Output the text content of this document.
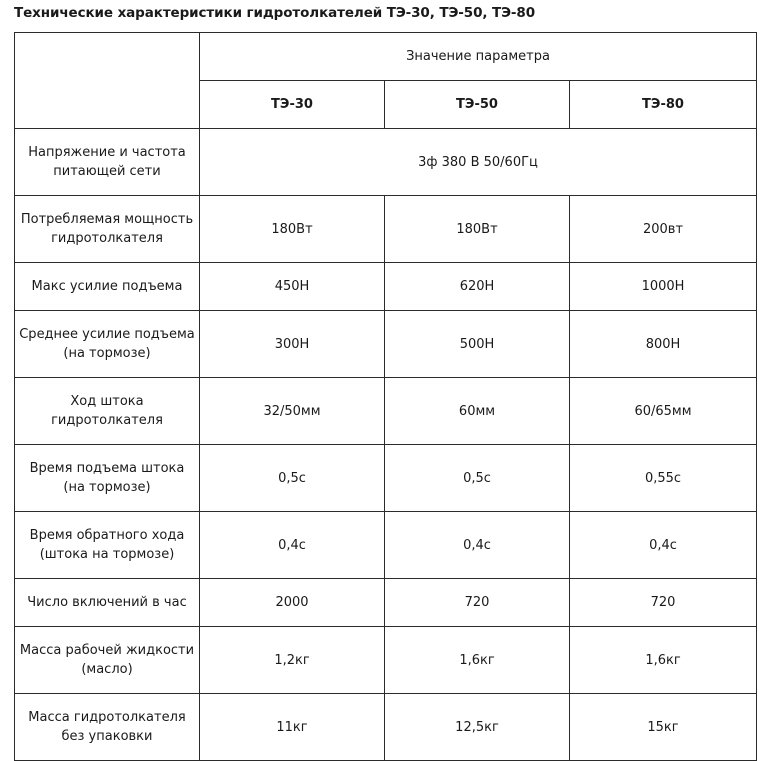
Технические характеристики гидротолкателей ТЭ-30, ТЭ-50, ТЭ-80
	Значение параметра		
	ТЭ-30	ТЭ-50	ТЭ-80
Напряжение и частота питающей сети	3ф 380 В 50/60Гц		
Потребляемая мощность гидротолкателя	180Вт	180Вт	200вт
Макс усилие подъема	450Н	620Н	1000Н
Среднее усилие подъема (на тормозе)	300Н	500Н	800Н
Ход штока гидротолкателя	32/50мм	60мм	60/65мм
Время подъема штока (на тормозе)	0,5с	0,5с	0,55с
Время обратного хода (штока на тормозе)	0,4с	0,4с	0,4с
Число включений в час	2000	720	720
Масса рабочей жидкости (масло)	1,2кг	1,6кг	1,6кг
Масса гидротолкателя без упаковки	11кг	12,5кг	15кг
